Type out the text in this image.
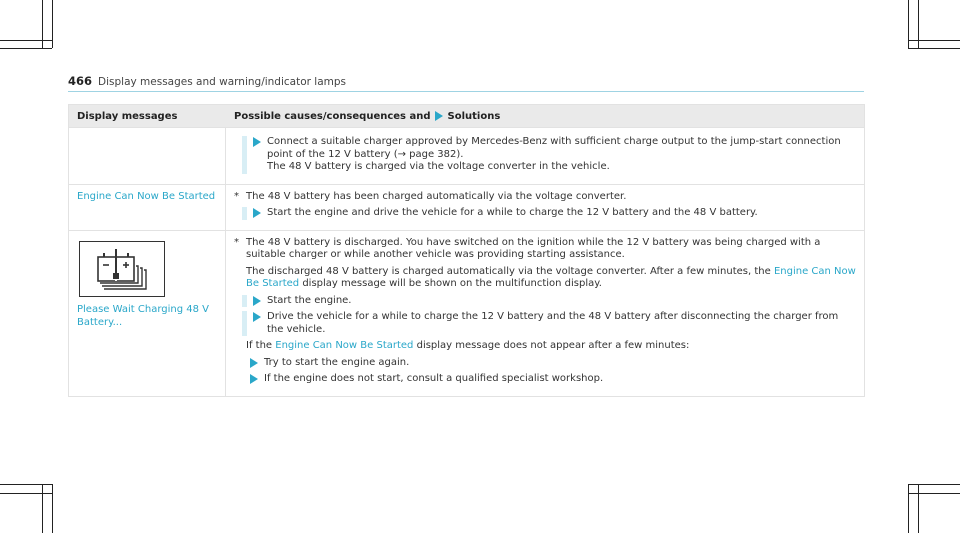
466 Display messages and warning/indicator lamps
Display messages	Possible causes/consequences and Solutions
Connect a suitable charger approved by Mercedes-Benz with sufficient charge output to the jump-start connection point of the 12 V battery (→ page 382).
The 48 V battery is charged via the voltage converter in the vehicle.
Engine Can Now Be Started	* The 48 V battery has been charged automatically via the voltage converter.
Start the engine and drive the vehicle for a while to charge the 12 V battery and the 48 V battery.
Please Wait Charging 48 V Battery...
* The 48 V battery is discharged. You have switched on the ignition while the 12 V battery was being charged with a suitable charger or while another vehicle was providing starting assistance.
The discharged 48 V battery is charged automatically via the voltage converter. After a few minutes, the Engine Can Now Be Started display message will be shown on the multifunction display.
Start the engine.
Drive the vehicle for a while to charge the 12 V battery and the 48 V battery after disconnecting the charger from the vehicle.
If the Engine Can Now Be Started display message does not appear after a few minutes:
Try to start the engine again.
If the engine does not start, consult a qualified specialist workshop.
